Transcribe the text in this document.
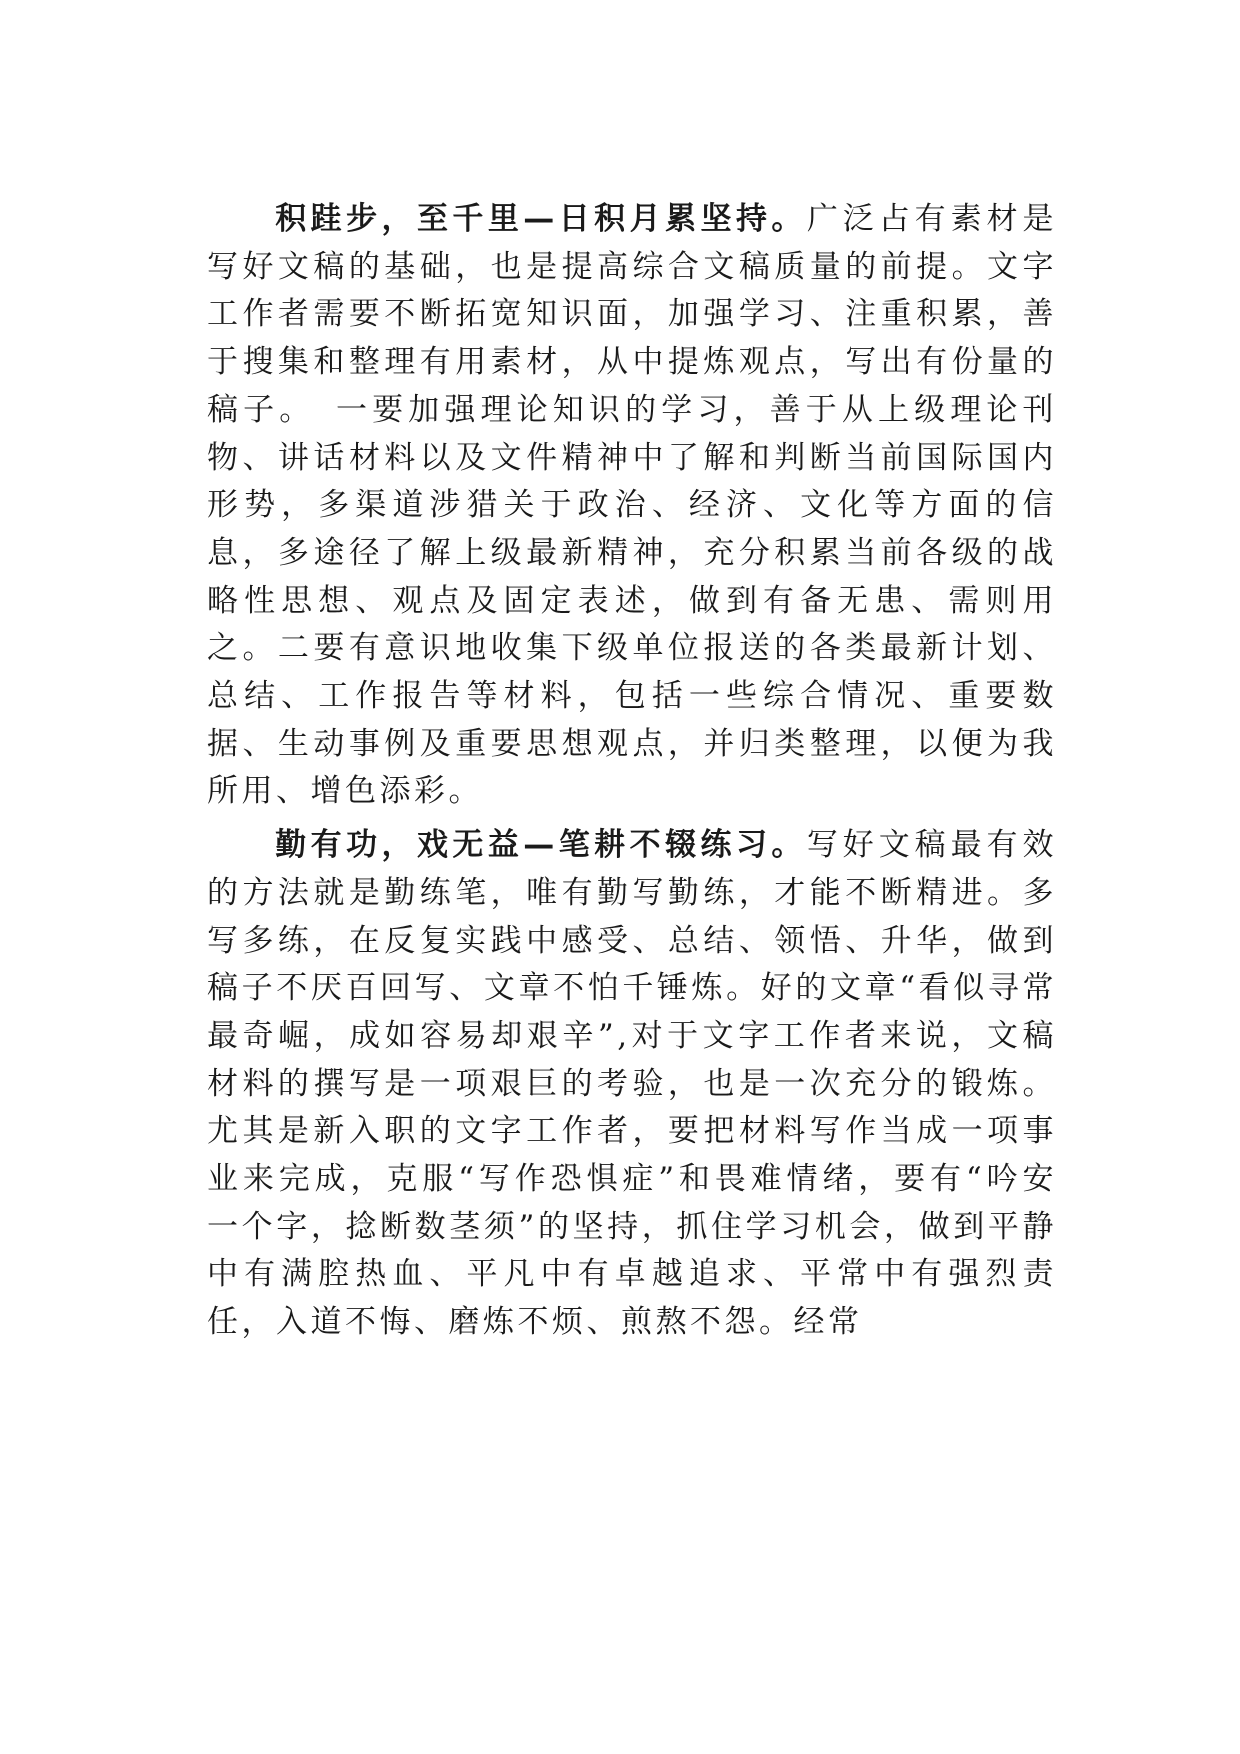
积跬步，至千里—日积月累坚持。广泛占有素材是写好文稿的基础，也是提高综合文稿质量的前提。文字工作者需要不断拓宽知识面，加强学习、注重积累，善于搜集和整理有用素材，从中提炼观点，写出有份量的稿子。　一要加强理论知识的学习，善于从上级理论刊物、讲话材料以及文件精神中了解和判断当前国际国内形势，多渠道涉猎关于政治、经济、文化等方面的信息，多途径了解上级最新精神，充分积累当前各级的战略性思想、观点及固定表述，做到有备无患、需则用之。二要有意识地收集下级单位报送的各类最新计划、总结、工作报告等材料，包括一些综合情况、重要数据、生动事例及重要思想观点，并归类整理，以便为我所用、增色添彩。

勤有功，戏无益—笔耕不辍练习。写好文稿最有效的方法就是勤练笔，唯有勤写勤练，才能不断精进。多写多练，在反复实践中感受、总结、领悟、升华，做到稿子不厌百回写、文章不怕千锤炼。好的文章“看似寻常最奇崛，成如容易却艰辛”,对于文字工作者来说，文稿材料的撰写是一项艰巨的考验，也是一次充分的锻炼。尤其是新入职的文字工作者，要把材料写作当成一项事业来完成，克服“写作恐惧症”和畏难情绪，要有“吟安一个字，捻断数茎须”的坚持，抓住学习机会，做到平静中有满腔热血、平凡中有卓越追求、平常中有强烈责任，入道不悔、磨炼不烦、煎熬不怨。经常
